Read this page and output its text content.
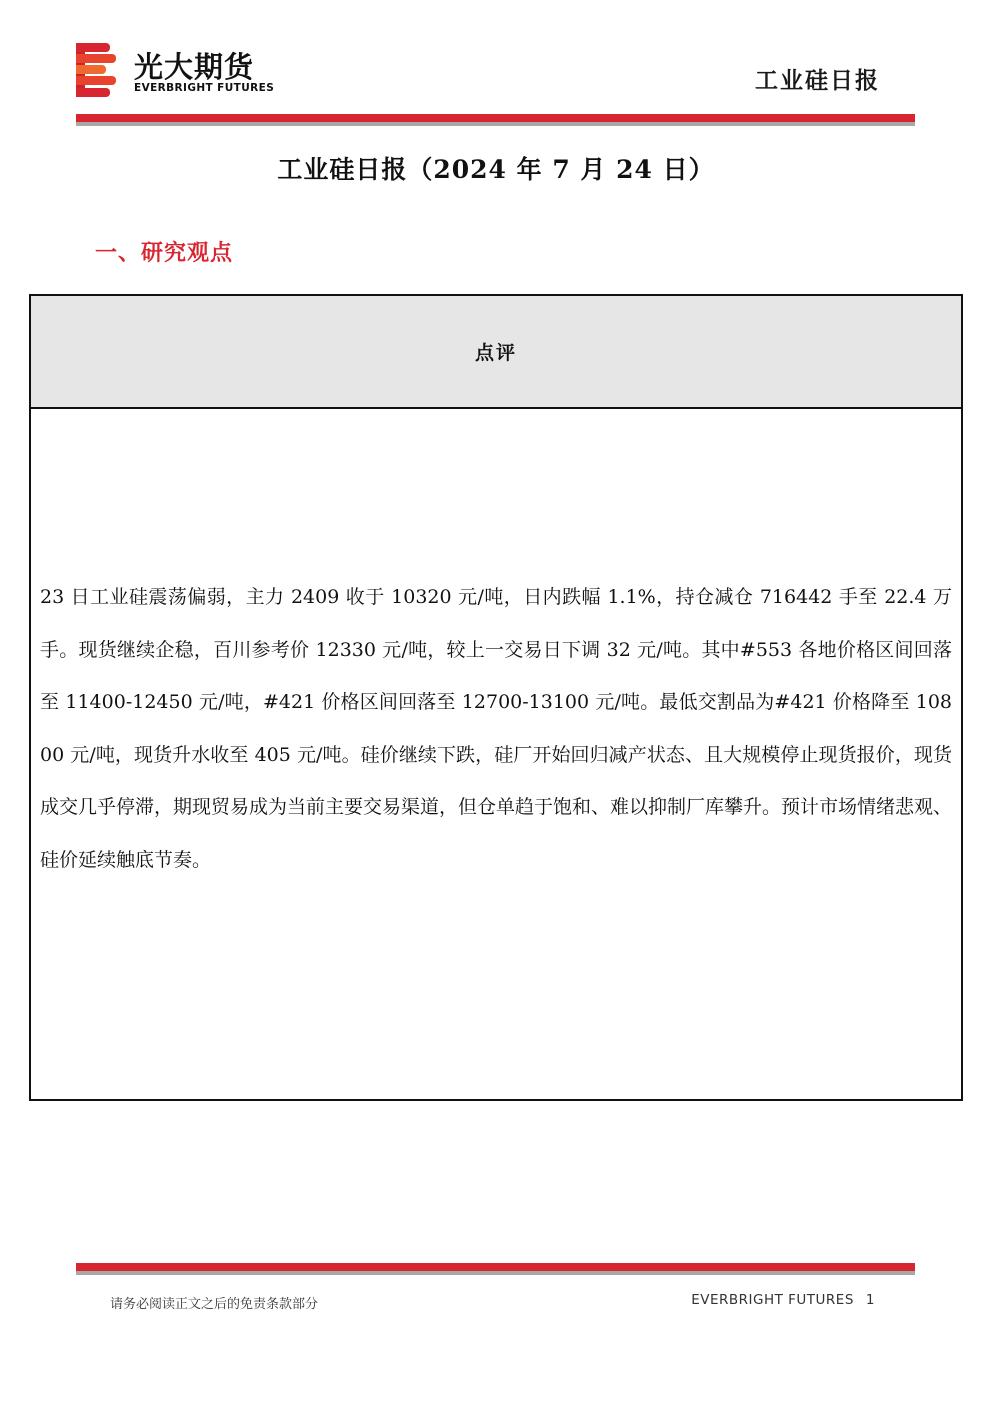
光大期货
EVERBRIGHT FUTURES	工业硅日报
工业硅日报（2024 年 7 月 24 日）
一、研究观点
点评
23 日工业硅震荡偏弱，主力 2409 收于 10320 元/吨，日内跌幅 1.1%，持仓减仓 716442 手至 22.4 万手。现货继续企稳，百川参考价 12330 元/吨，较上一交易日下调 32 元/吨。其中#553 各地价格区间回落至 11400-12450 元/吨，#421 价格区间回落至 12700-13100 元/吨。最低交割品为#421 价格降至 10800 元/吨，现货升水收至 405 元/吨。硅价继续下跌，硅厂开始回归减产状态、且大规模停止现货报价，现货成交几乎停滞，期现贸易成为当前主要交易渠道，但仓单趋于饱和、难以抑制厂库攀升。预计市场情绪悲观、硅价延续触底节奏。
请务必阅读正文之后的免责条款部分	EVERBRIGHT FUTURES 1
